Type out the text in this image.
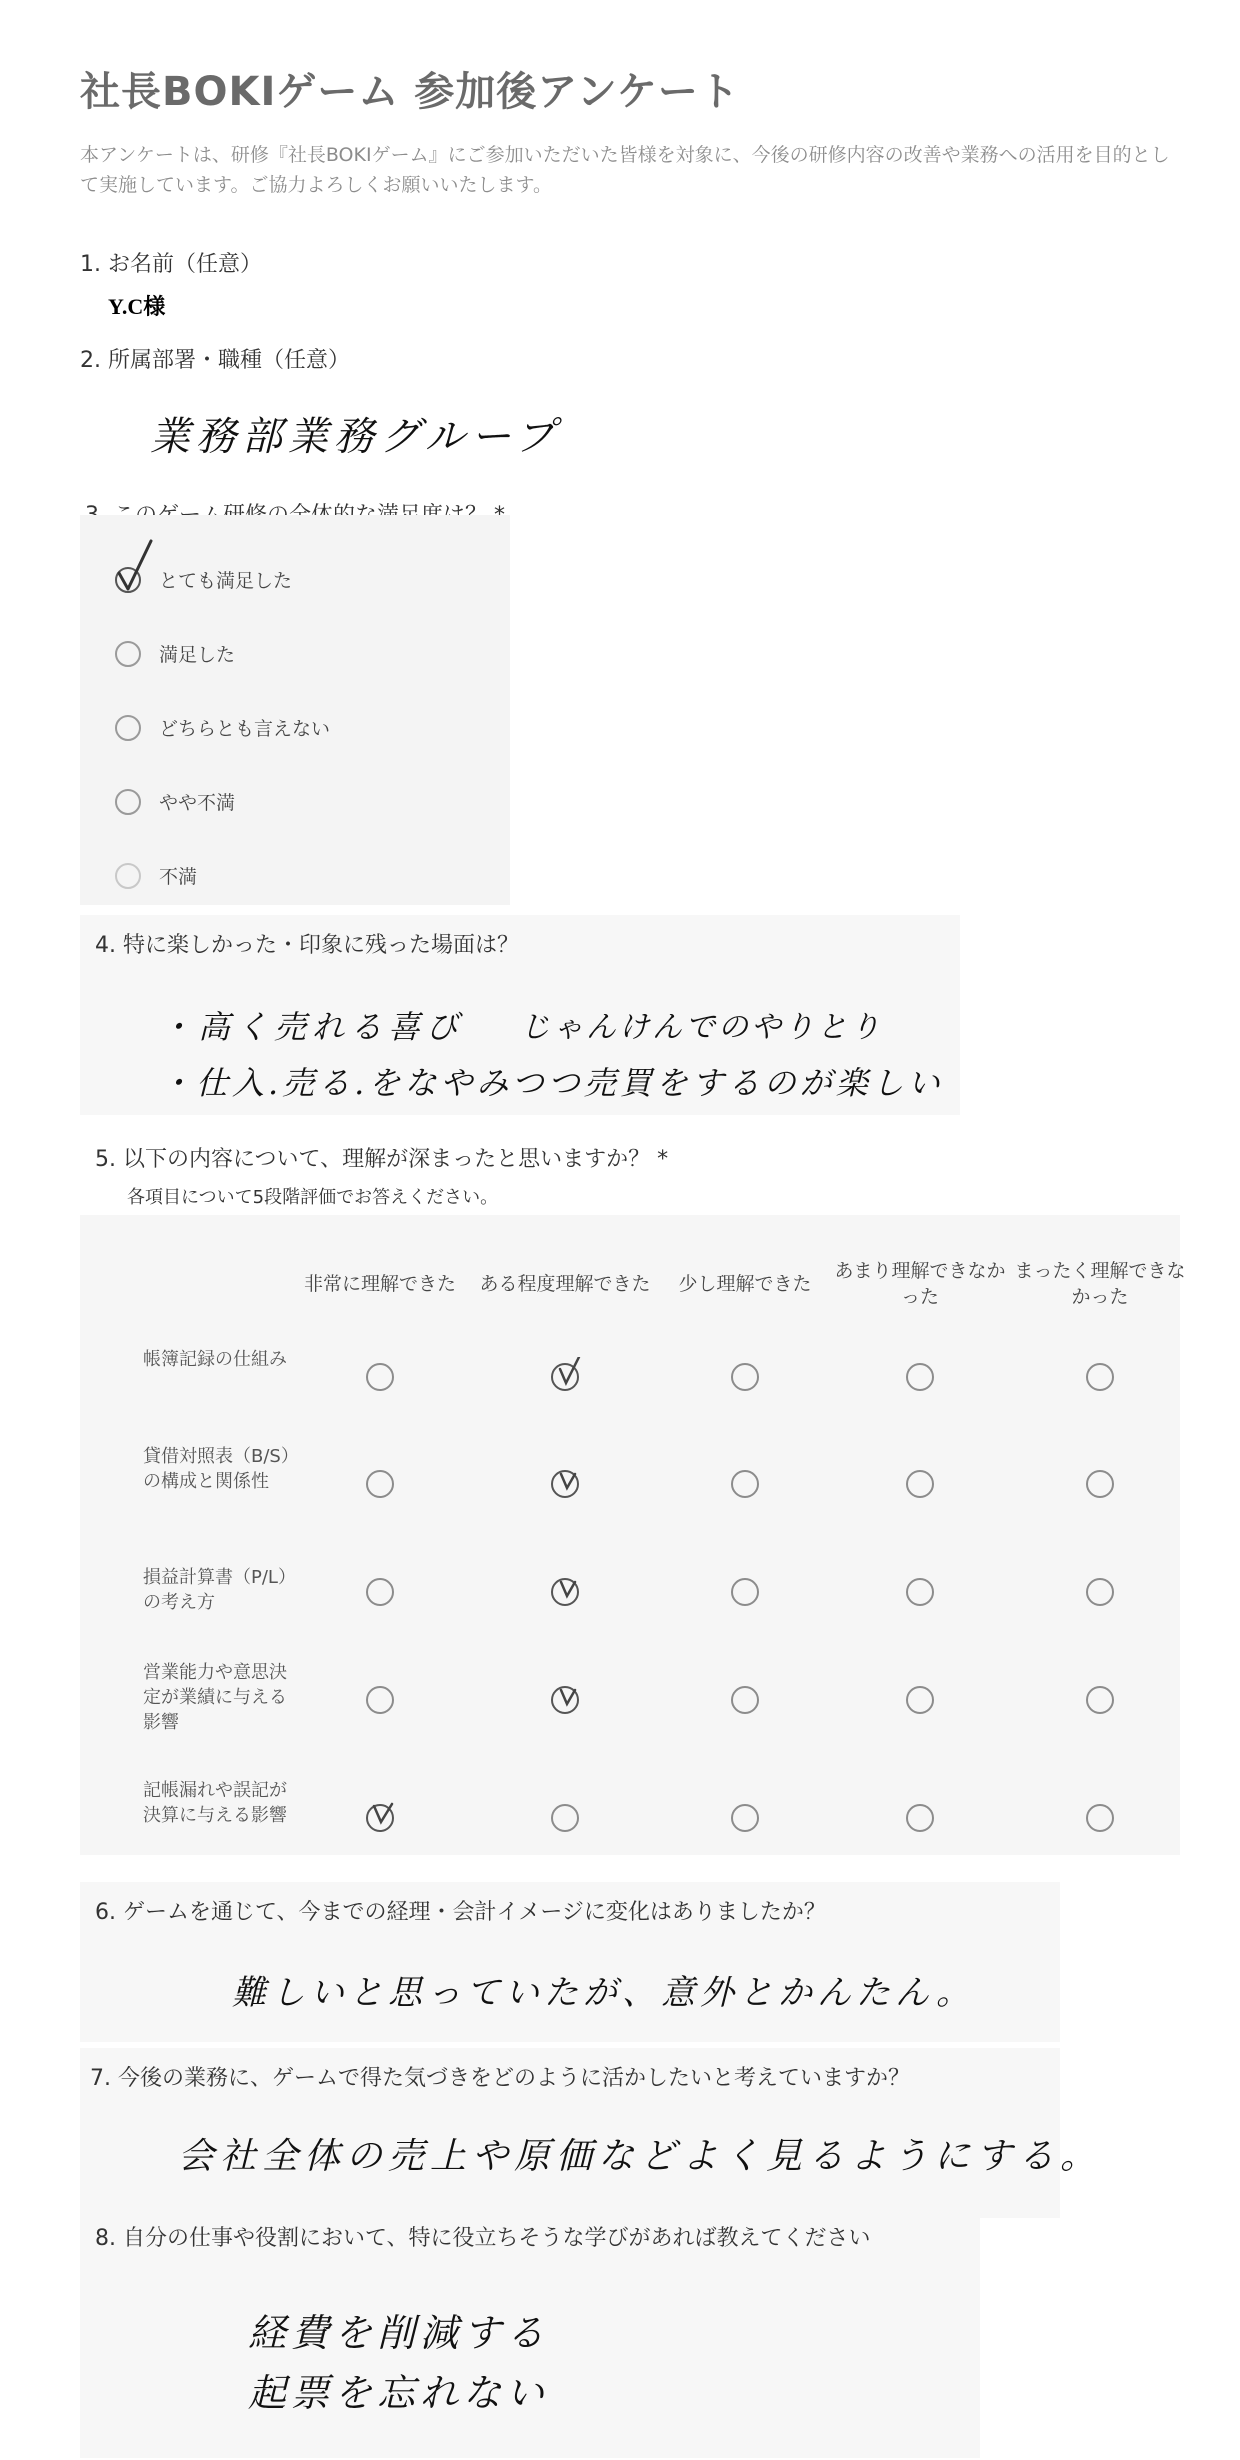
社長BOKIゲーム 参加後アンケート
本アンケートは、研修『社長BOKIゲーム』にご参加いただいた皆様を対象に、今後の研修内容の改善や業務への活用を目的として実施しています。ご協力よろしくお願いいたします。
1. お名前（任意）
Y.C様
2. 所属部署・職種（任意）
業務部業務グループ
とても満足した
満足した
どちらとも言えない
やや不満
不満
4. 特に楽しかった・印象に残った場面は？
・高く売れる喜び じゃんけんでのやりとり
・仕入.売る.をなやみつつ売買をするのが楽しい
5. 以下の内容について、理解が深まったと思いますか？ *
各項目について5段階評価でお答えください。
非常に理解できた	ある程度理解できた	少し理解できた
あまり理解できなかった
まったく理解できなかった
帳簿記録の仕組み
貸借対照表（B/S）の構成と関係性
損益計算書（P/L）の考え方
営業能力や意思決定が業績に与える影響
記帳漏れや誤記が決算に与える影響
6. ゲームを通じて、今までの経理・会計イメージに変化はありましたか？
難しいと思っていたが、意外とかんたん。
7. 今後の業務に、ゲームで得た気づきをどのように活かしたいと考えていますか？
会社全体の売上や原価などよく見るようにする。
8. 自分の仕事や役割において、特に役立ちそうな学びがあれば教えてください
経費を削減する
起票を忘れない
